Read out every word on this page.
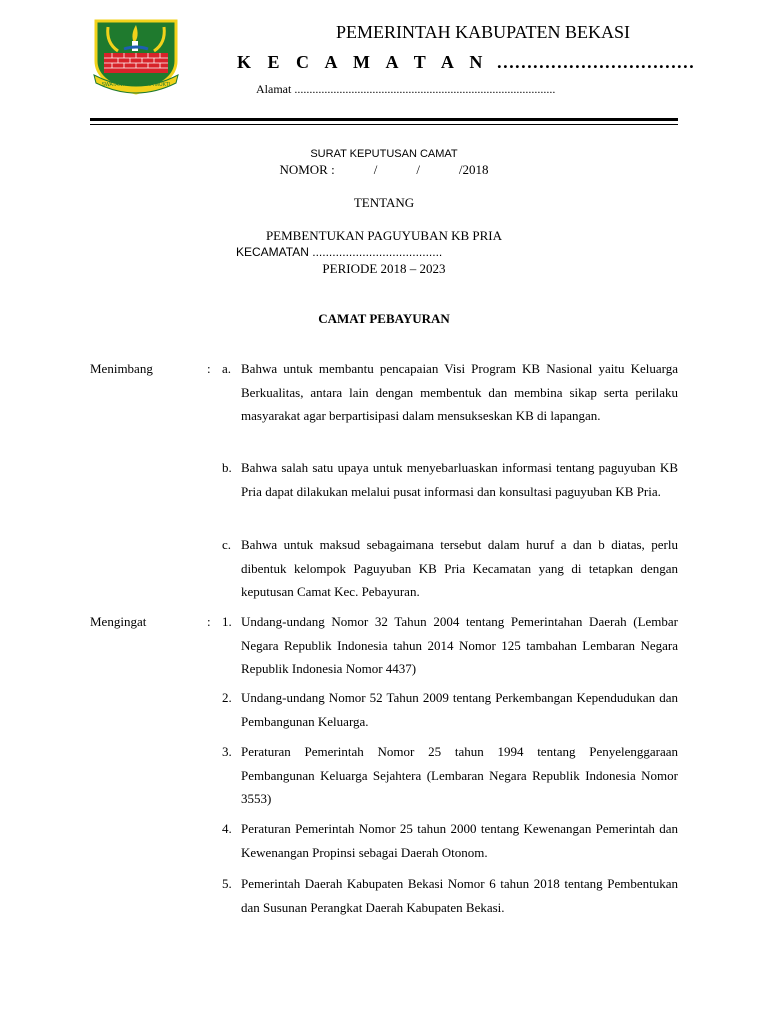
SWATANTRA WIBAWA MUKTI
PEMERINTAH KABUPATEN BEKASI
K E C A M A T A N ……………………………
Alamat .......................................................................................
SURAT KEPUTUSAN CAMAT
NOMOR :            /            /            /2018
TENTANG
PEMBENTUKAN PAGUYUBAN KB PRIA
KECAMATAN .......................................
PERIODE 2018 – 2023
CAMAT PEBAYURAN
Menimbang	: a. Bahwa untuk membantu pencapaian Visi Program KB Nasional yaitu Keluarga Berkualitas, antara lain dengan membentuk dan membina sikap serta perilaku masyarakat agar berpartisipasi dalam mensukseskan KB di lapangan.
b. Bahwa salah satu upaya untuk menyebarluaskan informasi tentang paguyuban KB Pria dapat dilakukan melalui pusat informasi dan konsultasi paguyuban KB Pria.
c. Bahwa untuk maksud sebagaimana tersebut dalam huruf a dan b diatas, perlu dibentuk kelompok Paguyuban KB Pria Kecamatan yang di tetapkan dengan keputusan Camat Kec. Pebayuran.
Mengingat	: 1. Undang-undang Nomor 32 Tahun 2004 tentang Pemerintahan Daerah (Lembar Negara Republik Indonesia tahun 2014 Nomor 125 tambahan Lembaran Negara Republik Indonesia Nomor 4437)
2. Undang-undang Nomor 52 Tahun 2009 tentang Perkembangan Kependudukan dan Pembangunan Keluarga.
3. Peraturan Pemerintah Nomor 25 tahun 1994 tentang Penyelenggaraan Pembangunan Keluarga Sejahtera (Lembaran Negara Republik Indonesia Nomor 3553)
4. Peraturan Pemerintah Nomor 25 tahun 2000 tentang Kewenangan Pemerintah dan Kewenangan Propinsi sebagai Daerah Otonom.
5. Pemerintah Daerah Kabupaten Bekasi Nomor 6 tahun 2018 tentang Pembentukan dan Susunan Perangkat Daerah Kabupaten Bekasi.
